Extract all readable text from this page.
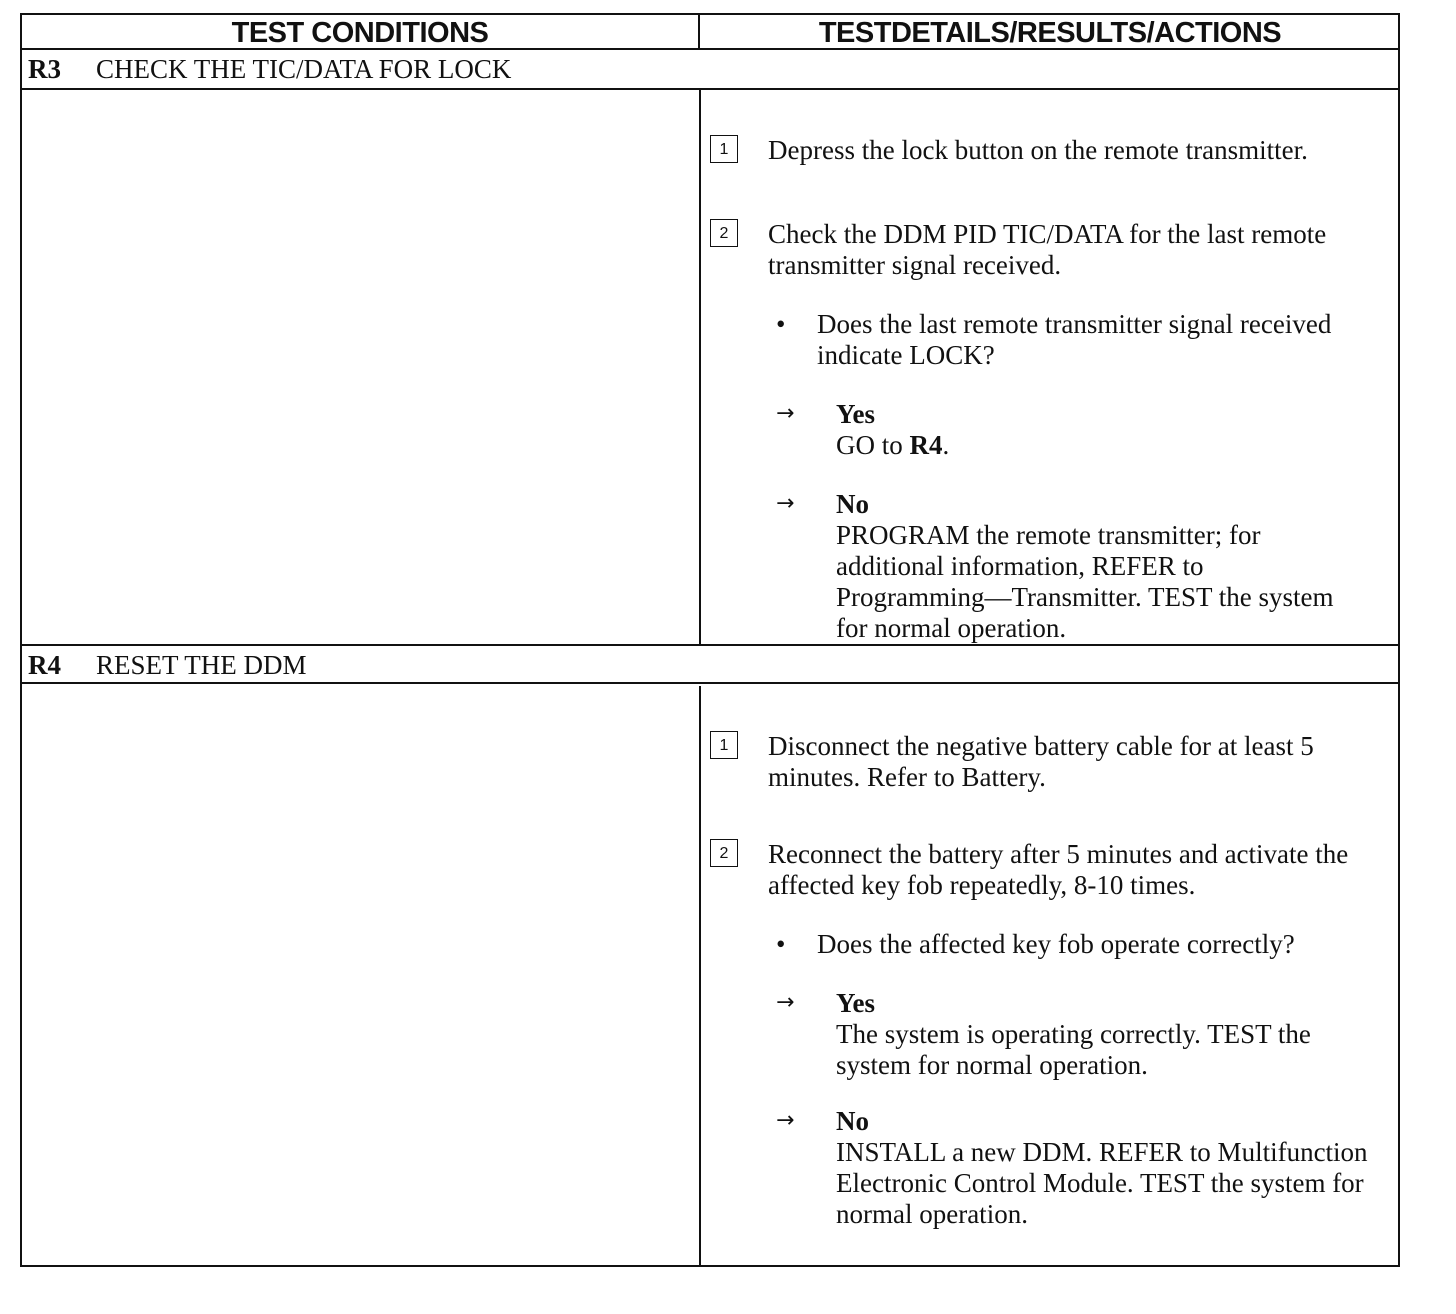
TEST CONDITIONS	TESTDETAILS/RESULTS/ACTIONS
R3 CHECK THE TIC/DATA FOR LOCK
1	Depress the lock button on the remote transmitter.
2	Check the DDM PID TIC/DATA for the last remote transmitter signal received.
• Does the last remote transmitter signal received indicate LOCK?
→ Yes
GO to R4.
→ No
PROGRAM the remote transmitter; for additional information, REFER to Programming—Transmitter. TEST the system for normal operation.
R4 RESET THE DDM
1	Disconnect the negative battery cable for at least 5 minutes. Refer to Battery.
2	Reconnect the battery after 5 minutes and activate the affected key fob repeatedly, 8-10 times.
• Does the affected key fob operate correctly?
→ Yes
The system is operating correctly. TEST the system for normal operation.
→ No
INSTALL a new DDM. REFER to Multifunction Electronic Control Module. TEST the system for normal operation.
